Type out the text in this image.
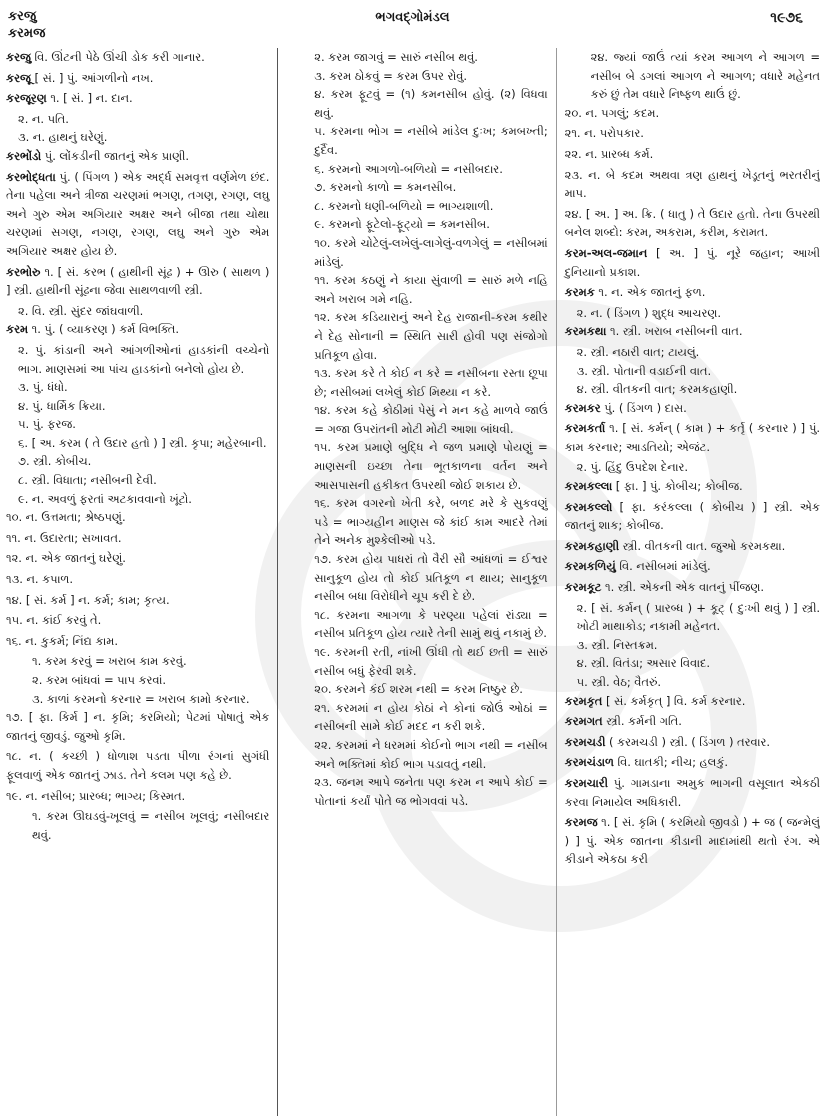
કરજુ
કરમજ
ભગવદ્ગોમંડલ	૧૯૭૬
કરજુ વિ. ઊંટની પેઠે ઊંચી ડોક કરી ગાનાર.
કરજૂ [ સં. ] પું. આંગળીનો નખ.
કરજૂરણ ૧. [ સં. ] ન. દાન.
૨. ન. પતિ.
૩. ન. હાથનું ઘરેણું.
કરભોંડો પું. લોંકડીની જાતનું એક પ્રાણી.
કરભોદ્ધતા પું. ( પિંગળ ) એક અર્દ્ધ સમવૃત્ત વર્ણમેળ છંદ. તેના પહેલા અને ત્રીજા ચરણમાં ભગણ, તગણ, રગણ, લઘુ અને ગુરુ એમ અગિયાર અક્ષર અને બીજા તથા ચોથા ચરણમાં સગણ, નગણ, રગણ, લઘુ અને ગુરુ એમ અગિયાર અક્ષર હોય છે.
કરભોરુ ૧. [ સં. કરભ ( હાથીની સૂંઢ ) + ઊરુ ( સાથળ ) ] સ્ત્રી. હાથીની સૂંઢના જેવા સાથળવાળી સ્ત્રી.
૨. વિ. સ્ત્રી. સુંદર જાંઘવાળી.
કરમ ૧. પું. ( વ્યાકરણ ) કર્મ વિભક્તિ.
૨. પું. કાંડાની અને આંગળીઓનાં હાડકાંની વચ્ચેનો ભાગ. માણસમાં આ પાંચ હાડકાંનો બનેલો હોય છે.
૩. પું. ધંધો.
૪. પું. ધાર્મિક ક્રિયા.
૫. પું. ફરજ.
૬. [ અ. કરમ ( તે ઉદાર હતો ) ] સ્ત્રી. કૃપા; મહેરબાની.
૭. સ્ત્રી. કોબીચ.
૮. સ્ત્રી. વિધાતા; નસીબની દેવી.
૯. ન. અવળું ફરતાં અટકાવવાનો ખૂંટો.
૧૦. ન. ઉત્તમતા; શ્રેષ્ઠપણું.
૧૧. ન. ઉદારતા; સખાવત.
૧૨. ન. એક જાતનું ઘરેણું.
૧૩. ન. કપાળ.
૧૪. [ સં. કર્મ ] ન. કર્મ; કામ; કૃત્ય.
૧૫. ન. કાંઈ કરવું તે.
૧૬. ન. કુકર્મ; નિંદ્ય કામ.
૧. કરમ કરવું = ખરાબ કામ કરવું.
૨. કરમ બાંધવાં = પાપ કરવાં.
૩. કાળાં કરમનો કરનાર = ખરાબ કામો કરનાર.
૧૭. [ ફા. કિર્મ ] ન. કૃમિ; કરમિયો; પેટમાં પોષાતું એક જાતનું જીવડું. જુઓ કૃમિ.
૧૮. ન. ( કચ્છી ) ધોળાશ પડતા પીળા રંગનાં સુગંધી ફૂલવાળું એક જાતનું ઝાડ. તેને કલમ પણ કહે છે.
૧૯. ન. નસીબ; પ્રારબ્ધ; ભાગ્ય; કિસ્મત.
૧. કરમ ઊઘડવું-ખૂલવું = નસીબ ખૂલવું; નસીબદાર થવું.
૨. કરમ જાગવું = સારું નસીબ થવું.
૩. કરમ ઠોકવું = કરમ ઉપર રોવું.
૪. કરમ ફૂટવું = (૧) કમનસીબ હોવું. (૨) વિધવા થવું.
૫. કરમના ભોગ = નસીબે માંડેલ દુઃખ; કમબખ્તી; દુર્દૈવ.
૬. કરમનો આગળો-બળિયો = નસીબદાર.
૭. કરમનો કાળો = કમનસીબ.
૮. કરમનો ધણી-બળિયો = ભાગ્યશાળી.
૯. કરમનો ફૂટેલો-ફૂટ્યો = કમનસીબ.
૧૦. કરમે ચોટેલું-લખેલું-લાગેલું-વળગેલું = નસીબમાં માંડેલું.
૧૧. કરમ કઠણું ને કાયા સુંવાળી = સારું મળે નહિ અને ખરાબ ગમે નહિ.
૧૨. કરમ કડિયારાનું અને દેહ રાજાની-કરમ કથીર ને દેહ સોનાની = સ્થિતિ સારી હોવી પણ સંજોગો પ્રતિકૂળ હોવા.
૧૩. કરમ કરે તે કોઈ ન કરે = નસીબના રસ્તા છૂપા છે; નસીબમાં લખેલું કોઈ મિથ્યા ન કરે.
૧૪. કરમ કહે કોઠીમાં પેસું ને મન કહે માળવે જાઉં = ગજા ઉપરાંતની મોટી મોટી આશા બાંધવી.
૧૫. કરમ પ્રમાણે બુદ્ધિ ને જળ પ્રમાણે પોયણું = માણસની ઇચ્છા તેના ભૂતકાળના વર્તન અને આસપાસની હકીકત ઉપરથી જોઈ શકાય છે.
૧૬. કરમ વગરનો ખેતી કરે, બળદ મરે કે સુકવણું પડે = ભાગ્યહીન માણસ જે કાંઈ કામ આદરે તેમાં તેને અનેક મુશ્કેલીઓ પડે.
૧૭. કરમ હોય પાધરાં તો વૈરી સૌ આંધળાં = ઈશ્વર સાનુકૂળ હોય તો કોઈ પ્રતિકૂળ ન થાય; સાનુકૂળ નસીબ બધા વિરોધીને ચૂપ કરી દે છે.
૧૮. કરમના આગળા કે પરણ્યા પહેલાં રાંડ્યા = નસીબ પ્રતિકૂળ હોય ત્યારે તેની સામું થવું નકામું છે.
૧૯. કરમની રતી, નાંખી ઊંધી તો થઈ છતી = સારું નસીબ બધું ફેરવી શકે.
૨૦. કરમને કંઈ શરમ નથી = કરમ નિષ્ઠુર છે.
૨૧. કરમમાં ન હોય કોઠાં ને કોનાં જોઉં ઓઠાં = નસીબની સામે કોઈ મદદ ન કરી શકે.
૨૨. કરમમાં ને ધરમમાં કોઈનો ભાગ નથી = નસીબ અને ભક્તિમાં કોઈ ભાગ પડાવતું નથી.
૨૩. જનમ આપે જનેતા પણ કરમ ન આપે કોઈ = પોતાનાં કર્યાં પોતે જ ભોગવવાં પડે.
૨૪. જ્યાં જાઉં ત્યાં કરમ આગળ ને આગળ = નસીબ બે ડગલાં આગળ ને આગળ; વધારે મહેનત કરું છું તેમ વધારે નિષ્ફળ થાઉં છું.
૨૦. ન. પગલું; કદમ.
૨૧. ન. પરોપકાર.
૨૨. ન. પ્રારબ્ધ કર્મ.
૨૩. ન. બે કદમ અથવા ત્રણ હાથનું ખેડૂતનું ભરતરીનું માપ.
૨૪. [ અ. ] અ. ક્રિ. ( ધાતુ ) તે ઉદાર હતો. તેના ઉપરથી બનેલ શબ્દો: કરમ, અકરામ, કરીમ, કરામત.
કરમ-અલ-જમાન [ અ. ] પું. નૂરે જહાન; આખી દુનિયાનો પ્રકાશ.
કરમક ૧. ન. એક જાતનું ફળ.
૨. ન. ( ડિંગળ ) શુદ્ધ આચરણ.
કરમકથા ૧. સ્ત્રી. ખરાબ નસીબની વાત.
૨. સ્ત્રી. નઠારી વાત; ટાયલું.
૩. સ્ત્રી. પોતાની વડાઈની વાત.
૪. સ્ત્રી. વીતકની વાત; કરમકહાણી.
કરમકર પું. ( ડિંગળ ) દાસ.
કરમકર્તા ૧. [ સં. કર્મન્ ( કામ ) + કર્તૃ ( કરનાર ) ] પું. કામ કરનાર; આડતિયો; એજંટ.
૨. પું. હિંદુ ઉપદેશ દેનાર.
કરમકલ્લા [ ફા. ] પું. કોબીચ; કોબીજ.
કરમકલ્લો [ ફા. કરંકલ્લા ( કોબીચ ) ] સ્ત્રી. એક જાતનું શાક; કોબીજ.
કરમકહાણી સ્ત્રી. વીતકની વાત. જુઓ કરમકથા.
કરમકળિયું વિ. નસીબમાં માંડેલું.
કરમકૂટ ૧. સ્ત્રી. એકની એક વાતનું પીંજણ.
૨. [ સં. કર્મન્ ( પ્રારબ્ધ ) + કૂટ્ ( દુઃખી થવું ) ] સ્ત્રી. ખોટી માથાકોડ; નકામી મહેનત.
૩. સ્ત્રી. નિસ્તક્રમ.
૪. સ્ત્રી. વિતંડા; અસાર વિવાદ.
૫. સ્ત્રી. વેઠ; વૈતરું.
કરમકૃત [ સં. કર્મકૃત્ ] વિ. કર્મ કરનાર.
કરમગત સ્ત્રી. કર્મની ગતિ.
કરમચડી ( કરમચડી ) સ્ત્રી. ( ડિંગળ ) તરવાર.
કરમચંડાળ વિ. ઘાતકી; નીચ; હલકું.
કરમચારી પું. ગામડાના અમુક ભાગની વસૂલાત એકઠી કરવા નિમાયેલ અધિકારી.
કરમજ ૧. [ સં. કૃમિ ( કરમિયો જીવડો ) + જ ( જન્મેલું ) ] પું. એક જાતના કીડાની માદામાંથી થતો રંગ. એ કીડાને એકઠા કરી
